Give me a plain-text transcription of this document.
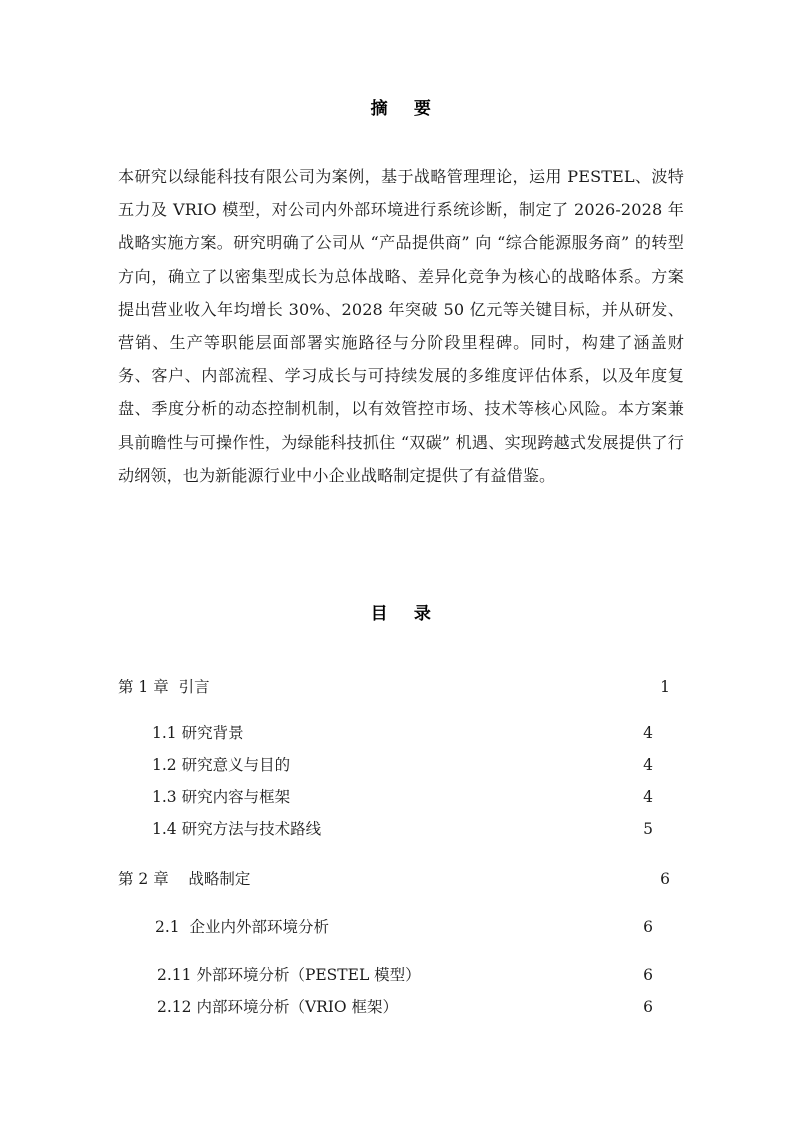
摘    要
本研究以绿能科技有限公司为案例，基于战略管理理论，运用 PESTEL、波特五力及 VRIO 模型，对公司内外部环境进行系统诊断，制定了 2026-2028 年战略实施方案。研究明确了公司从 “产品提供商” 向 “综合能源服务商” 的转型方向，确立了以密集型成长为总体战略、差异化竞争为核心的战略体系。方案提出营业收入年均增长 30%、2028 年突破 50 亿元等关键目标，并从研发、营销、生产等职能层面部署实施路径与分阶段里程碑。同时，构建了涵盖财务、客户、内部流程、学习成长与可持续发展的多维度评估体系，以及年度复盘、季度分析的动态控制机制，以有效管控市场、技术等核心风险。本方案兼具前瞻性与可操作性，为绿能科技抓住 “双碳” 机遇、实现跨越式发展提供了行动纲领，也为新能源行业中小企业战略制定提供了有益借鉴。
目    录
第 1 章  引言 ·····	1
1.1 研究背景 ·····	4
1.2 研究意义与目的 ·····	4
1.3 研究内容与框架 ·····	4
1.4 研究方法与技术路线 ·····	5
第 2 章    战略制定 ·····	6
2.1  企业内外部环境分析 ·····	6
2.11 外部环境分析（PESTEL 模型） ·····	6
2.12 内部环境分析（VRIO 框架） ·····	6
